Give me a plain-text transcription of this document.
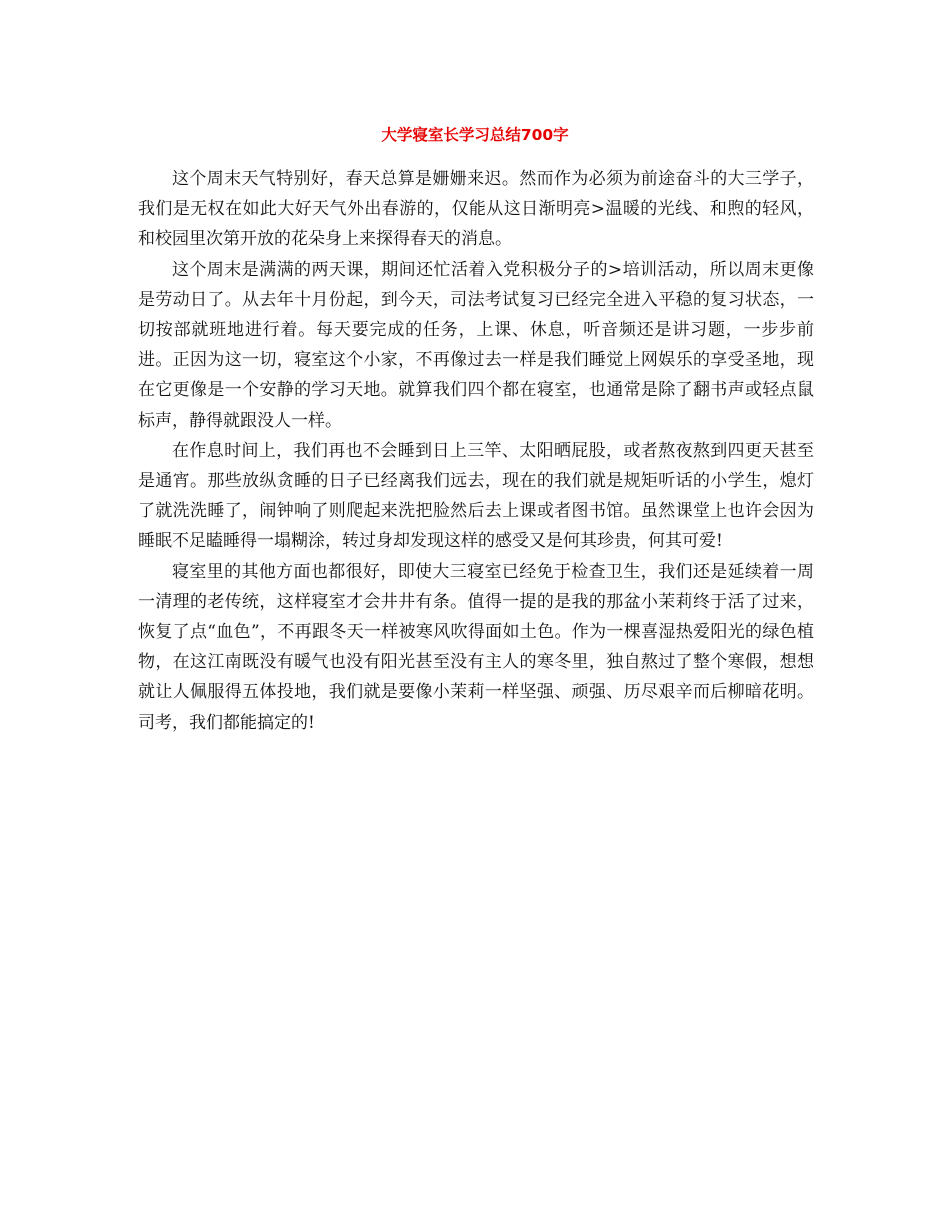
大学寝室长学习总结700字

这个周末天气特别好，春天总算是姗姗来迟。然而作为必须为前途奋斗的大三学子，我们是无权在如此大好天气外出春游的，仅能从这日渐明亮>温暖的光线、和煦的轻风，和校园里次第开放的花朵身上来探得春天的消息。

这个周末是满满的两天课，期间还忙活着入党积极分子的>培训活动，所以周末更像是劳动日了。从去年十月份起，到今天，司法考试复习已经完全进入平稳的复习状态，一切按部就班地进行着。每天要完成的任务，上课、休息，听音频还是讲习题，一步步前进。正因为这一切，寝室这个小家，不再像过去一样是我们睡觉上网娱乐的享受圣地，现在它更像是一个安静的学习天地。就算我们四个都在寝室，也通常是除了翻书声或轻点鼠标声，静得就跟没人一样。

在作息时间上，我们再也不会睡到日上三竿、太阳晒屁股，或者熬夜熬到四更天甚至是通宵。那些放纵贪睡的日子已经离我们远去，现在的我们就是规矩听话的小学生，熄灯了就洗洗睡了，闹钟响了则爬起来洗把脸然后去上课或者图书馆。虽然课堂上也许会因为睡眠不足瞌睡得一塌糊涂，转过身却发现这样的感受又是何其珍贵，何其可爱!

寝室里的其他方面也都很好，即使大三寝室已经免于检查卫生，我们还是延续着一周一清理的老传统，这样寝室才会井井有条。值得一提的是我的那盆小茉莉终于活了过来，恢复了点“血色”，不再跟冬天一样被寒风吹得面如土色。作为一棵喜湿热爱阳光的绿色植物，在这江南既没有暖气也没有阳光甚至没有主人的寒冬里，独自熬过了整个寒假，想想就让人佩服得五体投地，我们就是要像小茉莉一样坚强、顽强、历尽艰辛而后柳暗花明。司考，我们都能搞定的!
